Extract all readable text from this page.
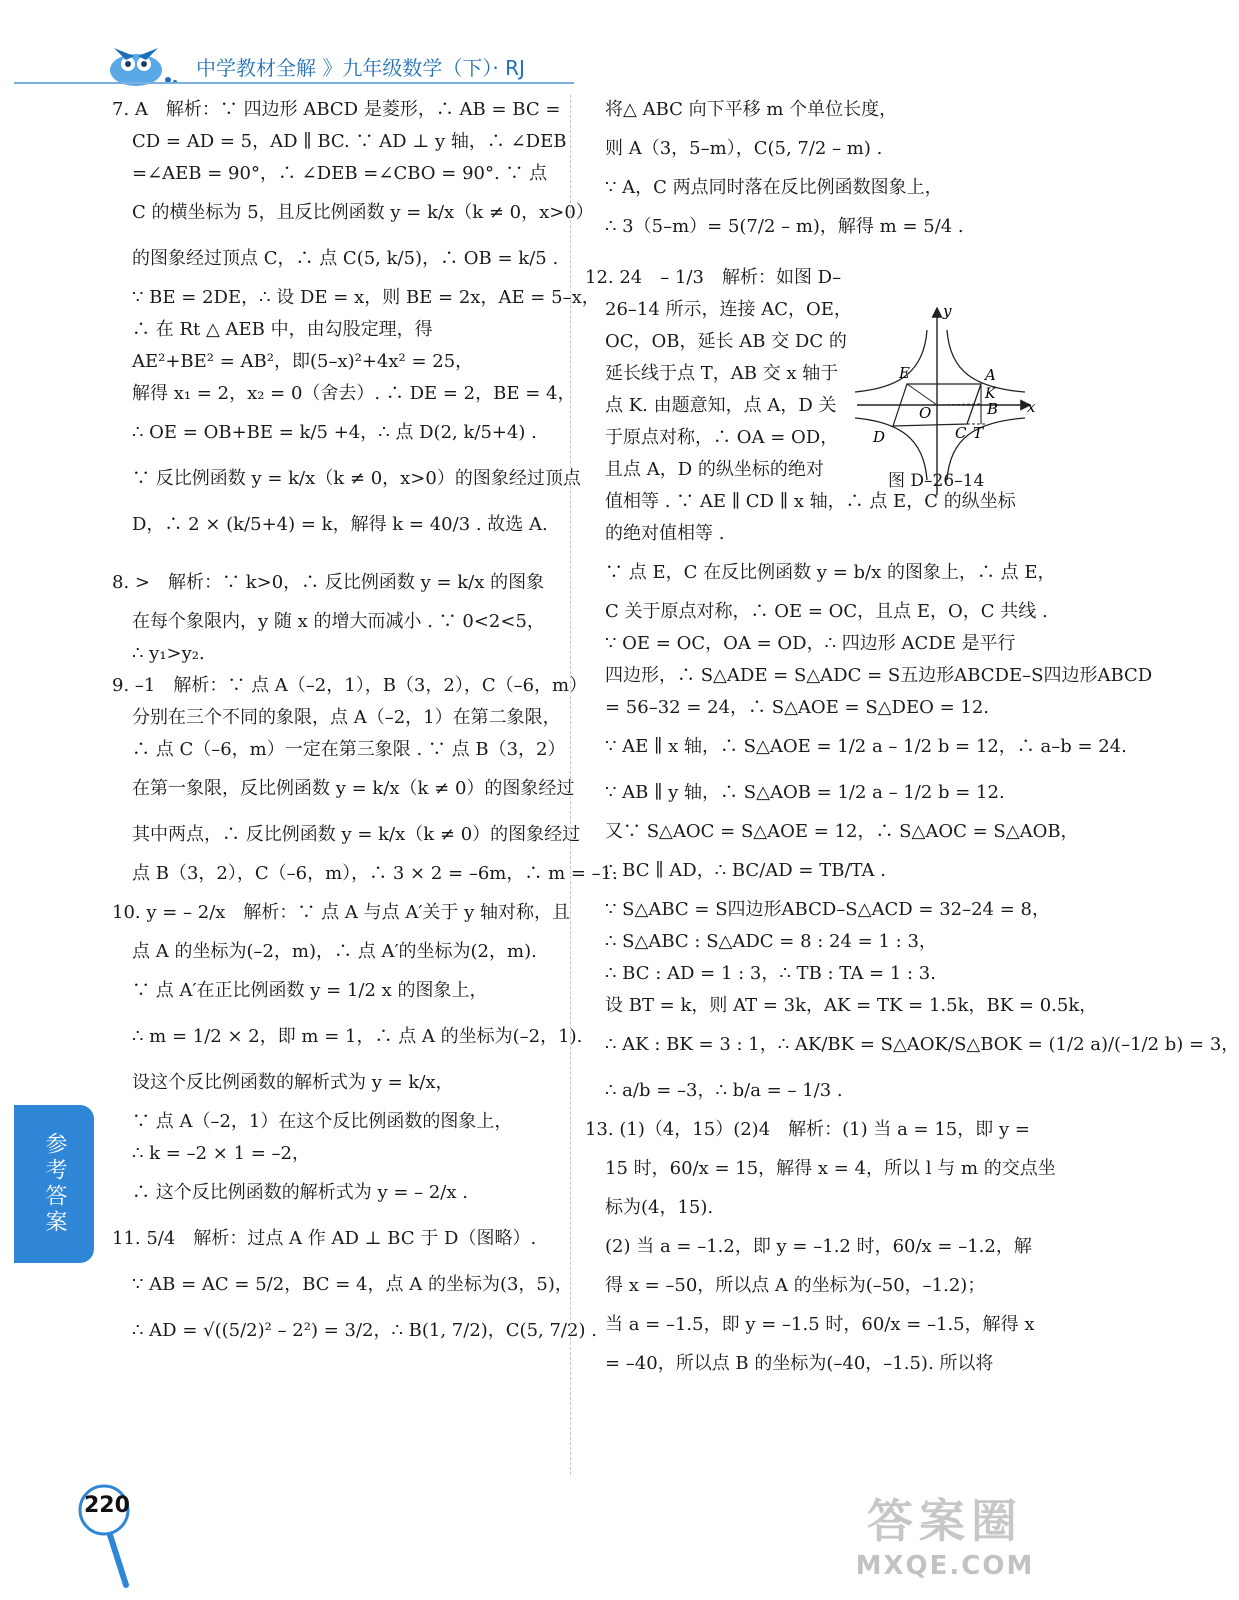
中学教材全解 》九年级数学（下）· RJ
7. A　解析：∵ 四边形 ABCD 是菱形，∴ AB = BC =
CD = AD = 5，AD ∥ BC. ∵ AD ⊥ y 轴，∴ ∠DEB
=∠AEB = 90°，∴ ∠DEB =∠CBO = 90°. ∵ 点
C 的横坐标为 5，且反比例函数 y = k/x（k ≠ 0，x>0）
的图象经过顶点 C，∴ 点 C(5, k/5)，∴ OB = k/5 .
∵ BE = 2DE，∴ 设 DE = x，则 BE = 2x，AE = 5–x，
∴ 在 Rt △ AEB 中，由勾股定理，得
AE²+BE² = AB²，即(5–x)²+4x² = 25，
解得 x₁ = 2，x₂ = 0（舍去）. ∴ DE = 2，BE = 4，
∴ OE = OB+BE = k/5 +4，∴ 点 D(2, k/5+4) .
∵ 反比例函数 y = k/x（k ≠ 0，x>0）的图象经过顶点
D，∴ 2 × (k/5+4) = k，解得 k = 40/3 . 故选 A.
8. >　解析：∵ k>0，∴ 反比例函数 y = k/x 的图象
在每个象限内，y 随 x 的增大而减小 . ∵ 0<2<5，
∴ y₁>y₂.
9. –1　解析：∵ 点 A（–2，1），B（3，2），C（–6，m）
分别在三个不同的象限，点 A（–2，1）在第二象限，
∴ 点 C（–6，m）一定在第三象限 . ∵ 点 B（3，2）
在第一象限，反比例函数 y = k/x（k ≠ 0）的图象经过
其中两点，∴ 反比例函数 y = k/x（k ≠ 0）的图象经过
点 B（3，2），C（–6，m），∴ 3 × 2 = –6m，∴ m = –1.
10. y = – 2/x　解析：∵ 点 A 与点 A′关于 y 轴对称，且
点 A 的坐标为(–2，m)，∴ 点 A′的坐标为(2，m).
∵ 点 A′在正比例函数 y = 1/2 x 的图象上，
∴ m = 1/2 × 2，即 m = 1，∴ 点 A 的坐标为(–2，1).
设这个反比例函数的解析式为 y = k/x，
∵ 点 A（–2，1）在这个反比例函数的图象上，
∴ k = –2 × 1 = –2，
∴ 这个反比例函数的解析式为 y = – 2/x .
11. 5/4　解析：过点 A 作 AD ⊥ BC 于 D（图略）.
∵ AB = AC = 5/2，BC = 4，点 A 的坐标为(3，5)，
∴ AD = √((5/2)² – 2²) = 3/2，∴ B(1, 7/2)，C(5, 7/2) .
将△ ABC 向下平移 m 个单位长度，
则 A（3，5–m），C(5, 7/2 – m) .
∵ A，C 两点同时落在反比例函数图象上，
∴ 3（5–m）= 5(7/2 – m)，解得 m = 5/4 .
12. 24　– 1/3　解析：如图 D–
26–14 所示，连接 AC，OE，
OC，OB，延长 AB 交 DC 的
延长线于点 T，AB 交 x 轴于
点 K. 由题意知，点 A，D 关
于原点对称，∴ OA = OD，
且点 A，D 的纵坐标的绝对
值相等 . ∵ AE ∥ CD ∥ x 轴，∴ 点 E，C 的纵坐标
的绝对值相等 .
∵ 点 E，C 在反比例函数 y = b/x 的图象上，∴ 点 E，
C 关于原点对称，∴ OE = OC，且点 E，O，C 共线 .
∵ OE = OC，OA = OD，∴ 四边形 ACDE 是平行
四边形，∴ S△ADE = S△ADC = S五边形ABCDE–S四边形ABCD
= 56–32 = 24，∴ S△AOE = S△DEO = 12.
∵ AE ∥ x 轴，∴ S△AOE = 1/2 a – 1/2 b = 12，∴ a–b = 24.
∵ AB ∥ y 轴，∴ S△AOB = 1/2 a – 1/2 b = 12.
又∵ S△AOC = S△AOE = 12，∴ S△AOC = S△AOB，
∴ BC ∥ AD，∴ BC/AD = TB/TA .
∵ S△ABC = S四边形ABCD–S△ACD = 32–24 = 8，
∴ S△ABC : S△ADC = 8 : 24 = 1 : 3，
∴ BC : AD = 1 : 3，∴ TB : TA = 1 : 3.
设 BT = k，则 AT = 3k，AK = TK = 1.5k，BK = 0.5k，
∴ AK : BK = 3 : 1，∴ AK/BK = S△AOK/S△BOK = (1/2 a)/(–1/2 b) = 3，
∴ a/b = –3，∴ b/a = – 1/3 .
13. (1)（4，15）(2)4　解析：(1) 当 a = 15，即 y =
15 时，60/x = 15，解得 x = 4，所以 l 与 m 的交点坐
标为(4，15).
(2) 当 a = –1.2，即 y = –1.2 时，60/x = –1.2，解
得 x = –50，所以点 A 的坐标为(–50，–1.2)；
当 a = –1.5，即 y = –1.5 时，60/x = –1.5，解得 x
= –40，所以点 B 的坐标为(–40，–1.5). 所以将
y
x
O
A
K
B
C T
D
E
图 D–26–14
参考答案
220	答案圈
MXQE.COM
